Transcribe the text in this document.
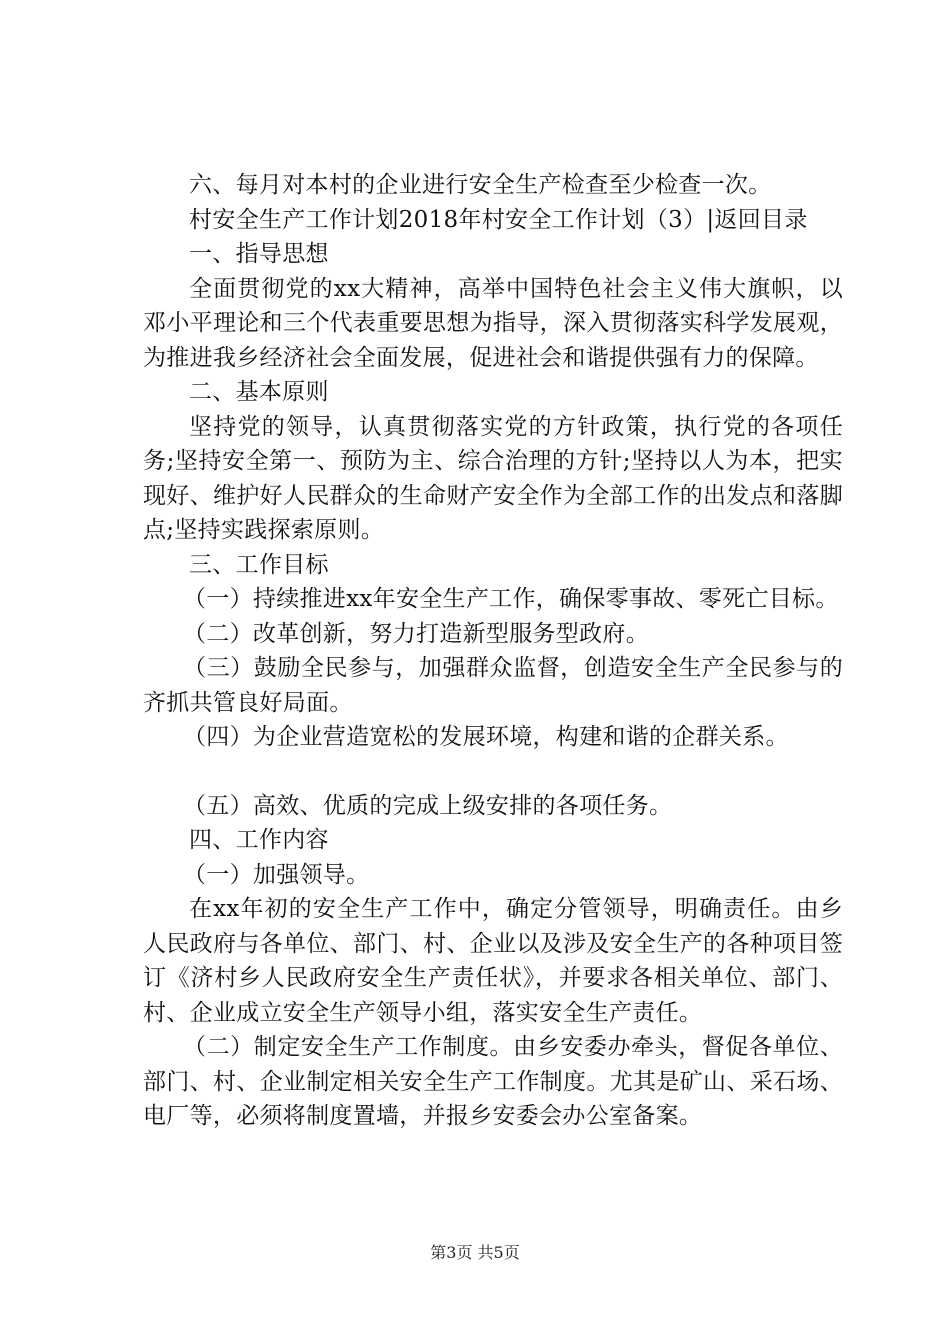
六、每月对本村的企业进行安全生产检查至少检查一次。

村安全生产工作计划2018年村安全工作计划（3）|返回目录

一、指导思想

全面贯彻党的xx大精神，高举中国特色社会主义伟大旗帜，以邓小平理论和三个代表重要思想为指导，深入贯彻落实科学发展观，为推进我乡经济社会全面发展，促进社会和谐提供强有力的保障。

二、基本原则

坚持党的领导，认真贯彻落实党的方针政策，执行党的各项任务;坚持安全第一、预防为主、综合治理的方针;坚持以人为本，把实现好、维护好人民群众的生命财产安全作为全部工作的出发点和落脚点;坚持实践探索原则。

三、工作目标

（一）持续推进xx年安全生产工作，确保零事故、零死亡目标。

（二）改革创新，努力打造新型服务型政府。

（三）鼓励全民参与，加强群众监督，创造安全生产全民参与的齐抓共管良好局面。

（四）为企业营造宽松的发展环境，构建和谐的企群关系。

（五）高效、优质的完成上级安排的各项任务。

四、工作内容

（一）加强领导。

在xx年初的安全生产工作中，确定分管领导，明确责任。由乡人民政府与各单位、部门、村、企业以及涉及安全生产的各种项目签订《济村乡人民政府安全生产责任状》，并要求各相关单位、部门、村、企业成立安全生产领导小组，落实安全生产责任。

（二）制定安全生产工作制度。由乡安委办牵头，督促各单位、部门、村、企业制定相关安全生产工作制度。尤其是矿山、采石场、电厂等，必须将制度置墙，并报乡安委会办公室备案。

第3页 共5页
